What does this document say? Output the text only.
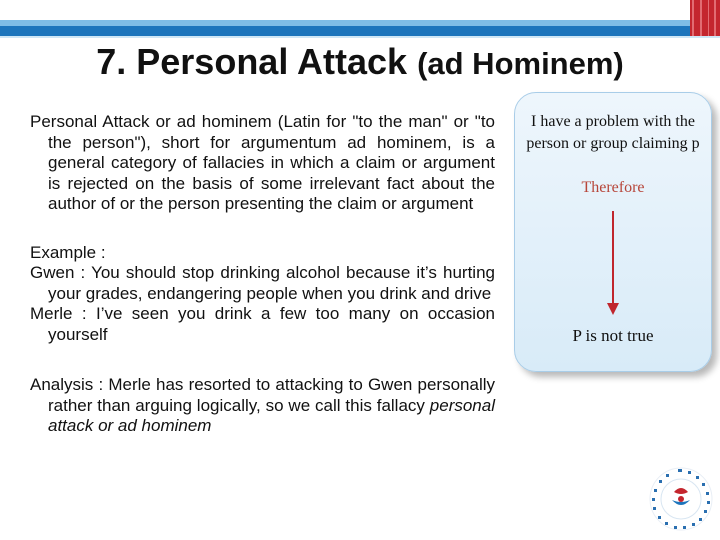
7. Personal Attack (ad Hominem)

Personal Attack or ad hominem (Latin for "to the man" or "to the person"), short for argumentum ad hominem, is a general category of fallacies in which a claim or argument is rejected on the basis of some irrelevant fact about the author of or the person presenting the claim or argument

Example :

Gwen : You should stop drinking alcohol because it’s hurting your grades, endangering people when you drink and drive

Merle : I’ve seen you drink a few too many on occasion yourself

Analysis : Merle has resorted to attacking to Gwen personally rather than arguing logically, so we call this fallacy personal attack or ad hominem

I have a problem with the person or group claiming p
Therefore
P is not true
